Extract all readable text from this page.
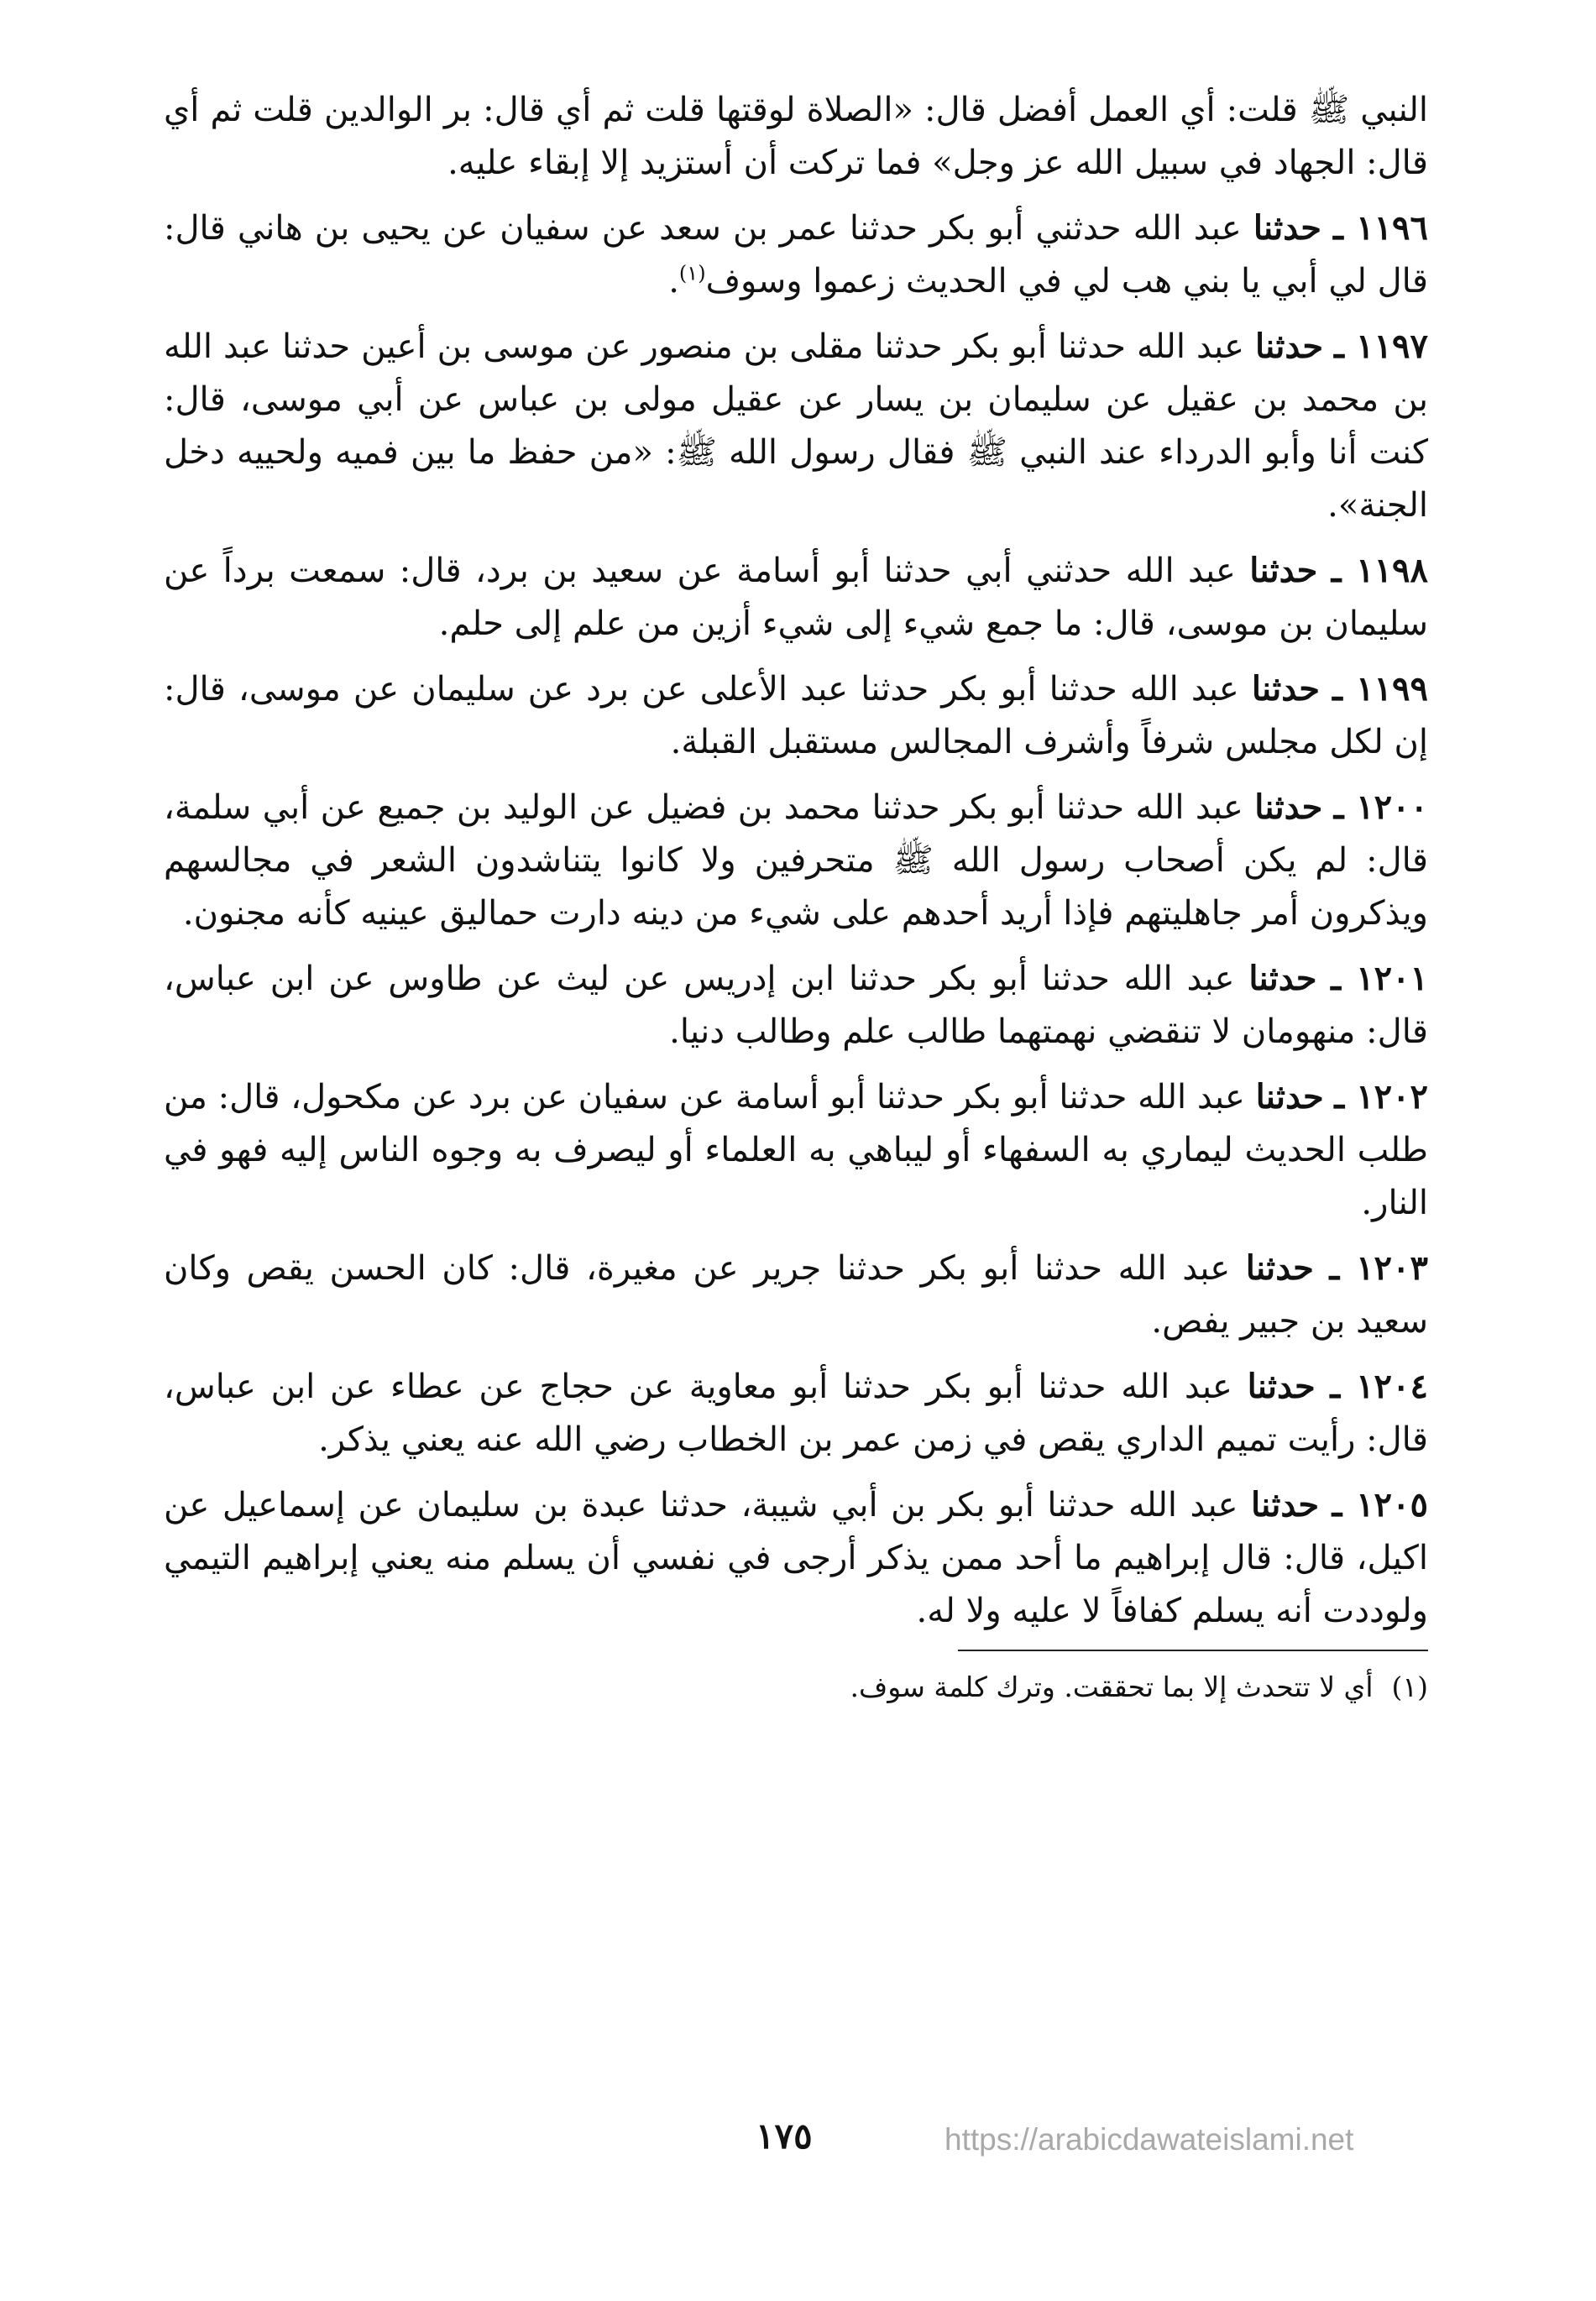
النبي ﷺ قلت: أي العمل أفضل قال: «الصلاة لوقتها قلت ثم أي قال: بر الوالدين قلت ثم أي قال: الجهاد في سبيل الله عز وجل» فما تركت أن أستزيد إلا إبقاء عليه.

١١٩٦ ـ حدثنا عبد الله حدثني أبو بكر حدثنا عمر بن سعد عن سفيان عن يحيى بن هاني قال: قال لي أبي يا بني هب لي في الحديث زعموا وسوف$^{(١)}$.

١١٩٧ ـ حدثنا عبد الله حدثنا أبو بكر حدثنا مقلى بن منصور عن موسى بن أعين حدثنا عبد الله بن محمد بن عقيل عن سليمان بن يسار عن عقيل مولى بن عباس عن أبي موسى، قال: كنت أنا وأبو الدرداء عند النبي ﷺ فقال رسول الله ﷺ: «من حفظ ما بين فميه ولحييه دخل الجنة».

١١٩٨ ـ حدثنا عبد الله حدثني أبي حدثنا أبو أسامة عن سعيد بن برد، قال: سمعت برداً عن سليمان بن موسى، قال: ما جمع شيء إلى شيء أزين من علم إلى حلم.

١١٩٩ ـ حدثنا عبد الله حدثنا أبو بكر حدثنا عبد الأعلى عن برد عن سليمان عن موسى، قال: إن لكل مجلس شرفاً وأشرف المجالس مستقبل القبلة.

١٢٠٠ ـ حدثنا عبد الله حدثنا أبو بكر حدثنا محمد بن فضيل عن الوليد بن جميع عن أبي سلمة، قال: لم يكن أصحاب رسول الله ﷺ متحرفين ولا كانوا يتناشدون الشعر في مجالسهم ويذكرون أمر جاهليتهم فإذا أريد أحدهم على شيء من دينه دارت حماليق عينيه كأنه مجنون.

١٢٠١ ـ حدثنا عبد الله حدثنا أبو بكر حدثنا ابن إدريس عن ليث عن طاوس عن ابن عباس، قال: منهومان لا تنقضي نهمتهما طالب علم وطالب دنيا.

١٢٠٢ ـ حدثنا عبد الله حدثنا أبو بكر حدثنا أبو أسامة عن سفيان عن برد عن مكحول، قال: من طلب الحديث ليماري به السفهاء أو ليباهي به العلماء أو ليصرف به وجوه الناس إليه فهو في النار.

١٢٠٣ ـ حدثنا عبد الله حدثنا أبو بكر حدثنا جرير عن مغيرة، قال: كان الحسن يقص وكان سعيد بن جبير يفص.

١٢٠٤ ـ حدثنا عبد الله حدثنا أبو بكر حدثنا أبو معاوية عن حجاج عن عطاء عن ابن عباس، قال: رأيت تميم الداري يقص في زمن عمر بن الخطاب رضي الله عنه يعني يذكر.

١٢٠٥ ـ حدثنا عبد الله حدثنا أبو بكر بن أبي شيبة، حدثنا عبدة بن سليمان عن إسماعيل عن اكيل، قال: قال إبراهيم ما أحد ممن يذكر أرجى في نفسي أن يسلم منه يعني إبراهيم التيمي ولوددت أنه يسلم كفافاً لا عليه ولا له.

(١)أي لا تتحدث إلا بما تحققت. وترك كلمة سوف.
١٧٥	https://arabicdawateislami.net
